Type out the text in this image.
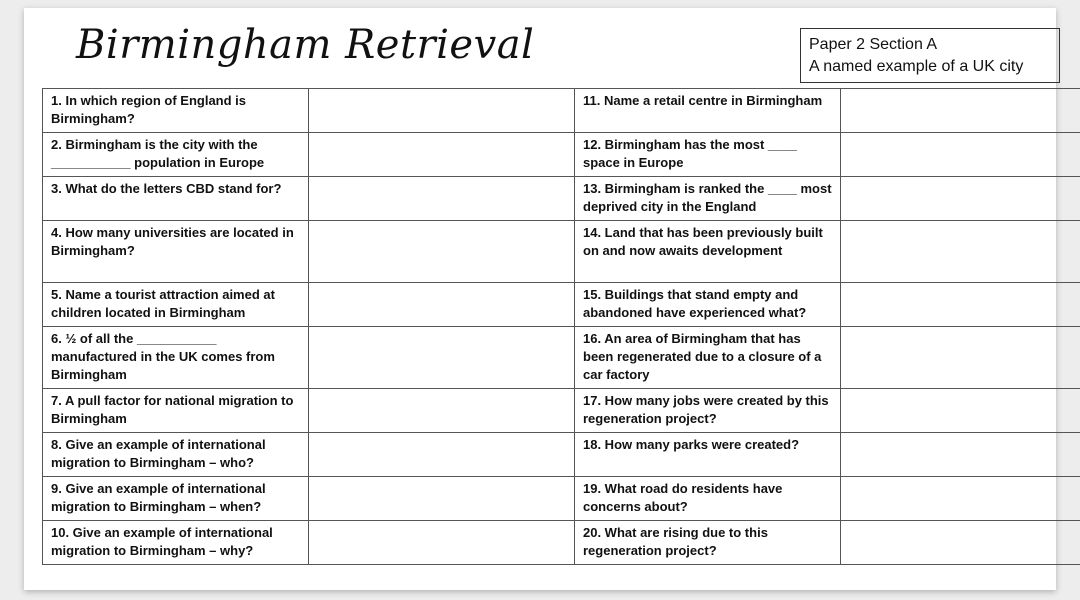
Birmingham Retrieval	Paper 2 Section A
A named example of a UK city
1. In which region of England is Birmingham?		11. Name a retail centre in Birmingham	
2. Birmingham is the city with the ___________ population in Europe		12. Birmingham has the most ____ space in Europe	
3. What do the letters CBD stand for?		13. Birmingham is ranked the ____ most deprived city in the England	
4. How many universities are located in Birmingham?		14. Land that has been previously built on and now awaits development	
5. Name a tourist attraction aimed at children located in Birmingham		15. Buildings that stand empty and abandoned have experienced what?	
6. ½ of all the ___________ manufactured in the UK comes from Birmingham		16. An area of Birmingham that has been regenerated due to a closure of a car factory	
7. A pull factor for national migration to Birmingham		17. How many jobs were created by this regeneration project?	
8. Give an example of international migration to Birmingham – who?		18. How many parks were created?	
9. Give an example of international migration to Birmingham – when?		19. What road do residents have concerns about?	
10. Give an example of international migration to Birmingham – why?		20. What are rising due to this regeneration project?	
